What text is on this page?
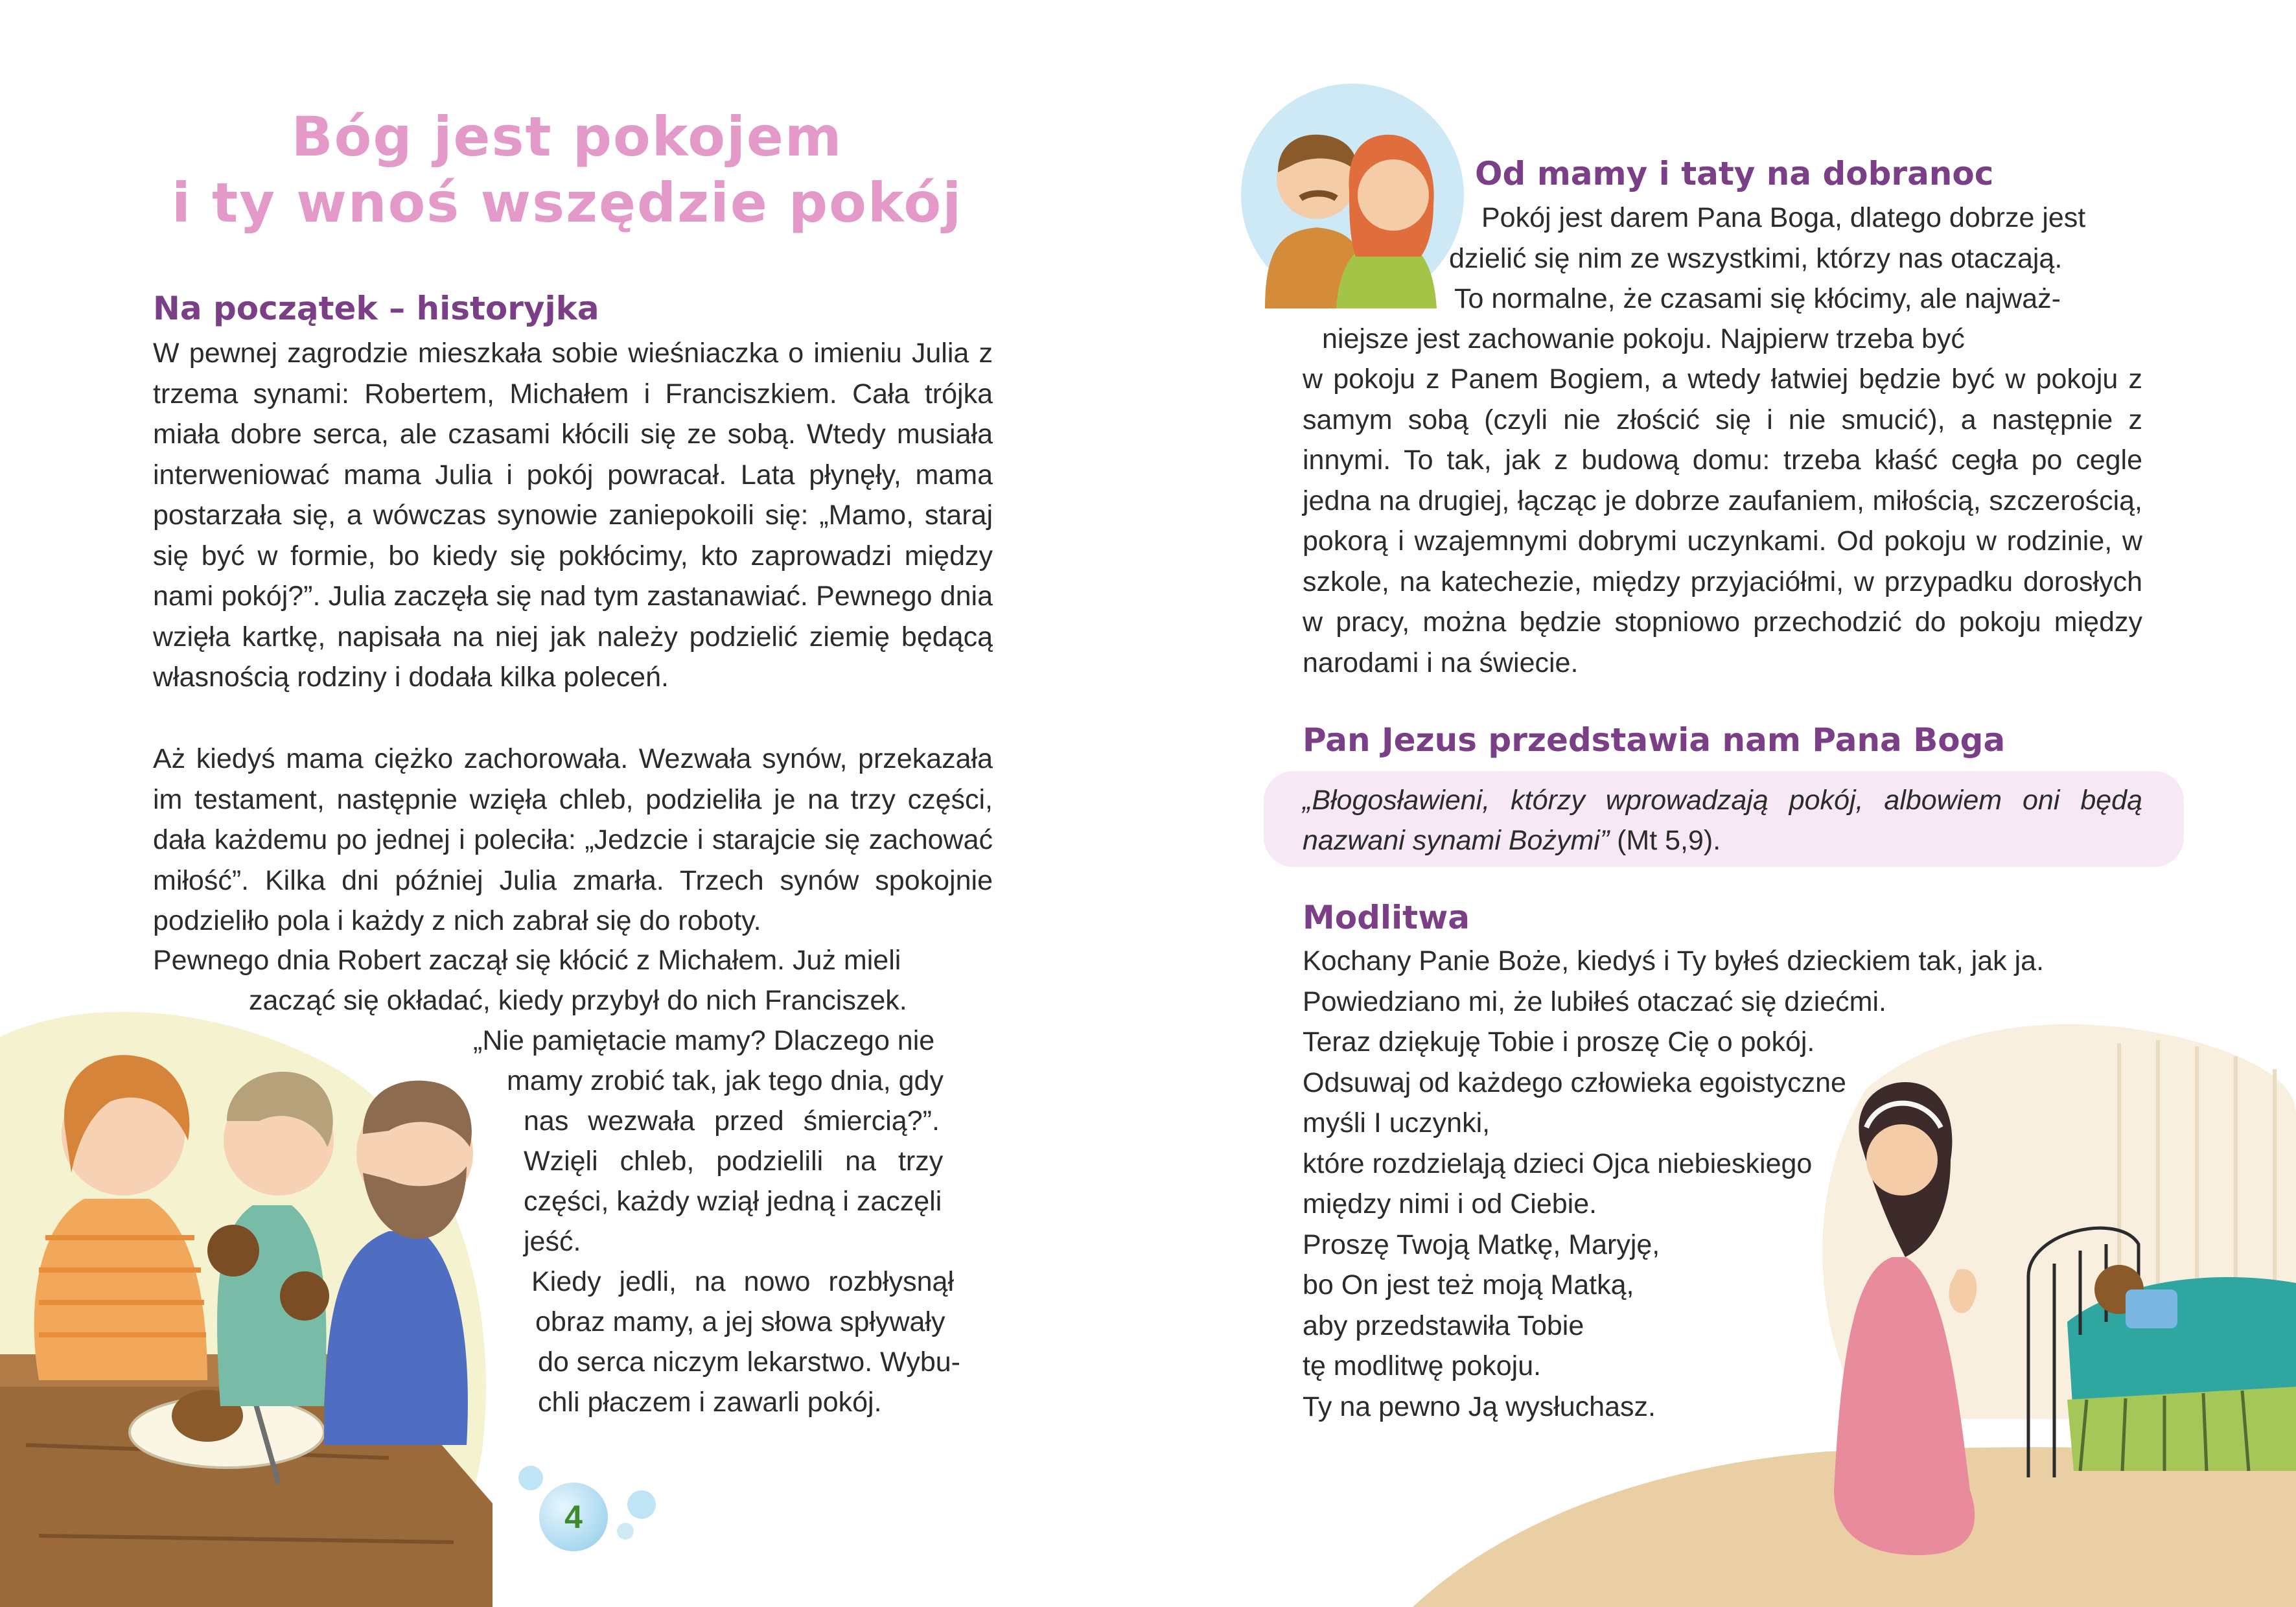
Bóg jest pokojem
i ty wnoś wszędzie pokój
Na początek – historyjka
W pewnej zagrodzie mieszkała sobie wieśniaczka o imieniu Julia z trzema synami: Robertem, Michałem i Franciszkiem. Cała trójka miała dobre serca, ale czasami kłócili się ze sobą. Wtedy musiała interweniować mama Julia i pokój powracał. Lata płynęły, mama postarzała się, a wówczas synowie zaniepokoili się: „Mamo, staraj się być w formie, bo kiedy się pokłócimy, kto zaprowadzi między nami pokój?”. Julia zaczęła się nad tym zastanawiać. Pewnego dnia wzięła kartkę, napisała na niej jak należy podzielić ziemię będącą własnością rodziny i dodała kilka poleceń.
Aż kiedyś mama ciężko zachorowała. Wezwała synów, przekazała im testament, następnie wzięła chleb, podzieliła je na trzy części, dała każdemu po jednej i poleciła: „Jedzcie i starajcie się zachować miłość”. Kilka dni później Julia zmarła. Trzech synów spokojnie podzieliło pola i każdy z nich zabrał się do roboty.
Pewnego dnia Robert zaczął się kłócić z Michałem. Już mieli
zacząć się okładać, kiedy przybył do nich Franciszek.
„Nie pamiętacie mamy? Dlaczego nie
mamy zrobić tak, jak tego dnia, gdy
nas wezwała przed śmiercią?”.
Wzięli chleb, podzielili na trzy
części, każdy wziął jedną i zaczęli
jeść.
Kiedy jedli, na nowo rozbłysnął
obraz mamy, a jej słowa spływały
do serca niczym lekarstwo. Wybu-
chli płaczem i zawarli pokój.
4
Od mamy i taty na dobranoc
Pokój jest darem Pana Boga, dlatego dobrze jest
dzielić się nim ze wszystkimi, którzy nas otaczają.
To normalne, że czasami się kłócimy, ale najważ-
niejsze jest zachowanie pokoju. Najpierw trzeba być
w pokoju z Panem Bogiem, a wtedy łatwiej będzie być w pokoju z samym sobą (czyli nie złościć się i nie smucić), a następnie z innymi. To tak, jak z budową domu: trzeba kłaść cegła po cegle jedna na drugiej, łącząc je dobrze zaufaniem, miłością, szczerością, pokorą i wzajemnymi dobrymi uczynkami. Od pokoju w rodzinie, w szkole, na katechezie, między przyjaciółmi, w przypadku dorosłych w pracy, można będzie stopniowo przechodzić do pokoju między narodami i na świecie.
Pan Jezus przedstawia nam Pana Boga
„Błogosławieni, którzy wprowadzają pokój, albowiem oni będą nazwani synami Bożymi” (Mt 5,9).
Modlitwa
Kochany Panie Boże, kiedyś i Ty byłeś dzieckiem tak, jak ja.
Powiedziano mi, że lubiłeś otaczać się dziećmi.
Teraz dziękuję Tobie i proszę Cię o pokój.
Odsuwaj od każdego człowieka egoistyczne
myśli I uczynki,
które rozdzielają dzieci Ojca niebieskiego
między nimi i od Ciebie.
Proszę Twoją Matkę, Maryję,
bo On jest też moją Matką,
aby przedstawiła Tobie
tę modlitwę pokoju.
Ty na pewno Ją wysłuchasz.
